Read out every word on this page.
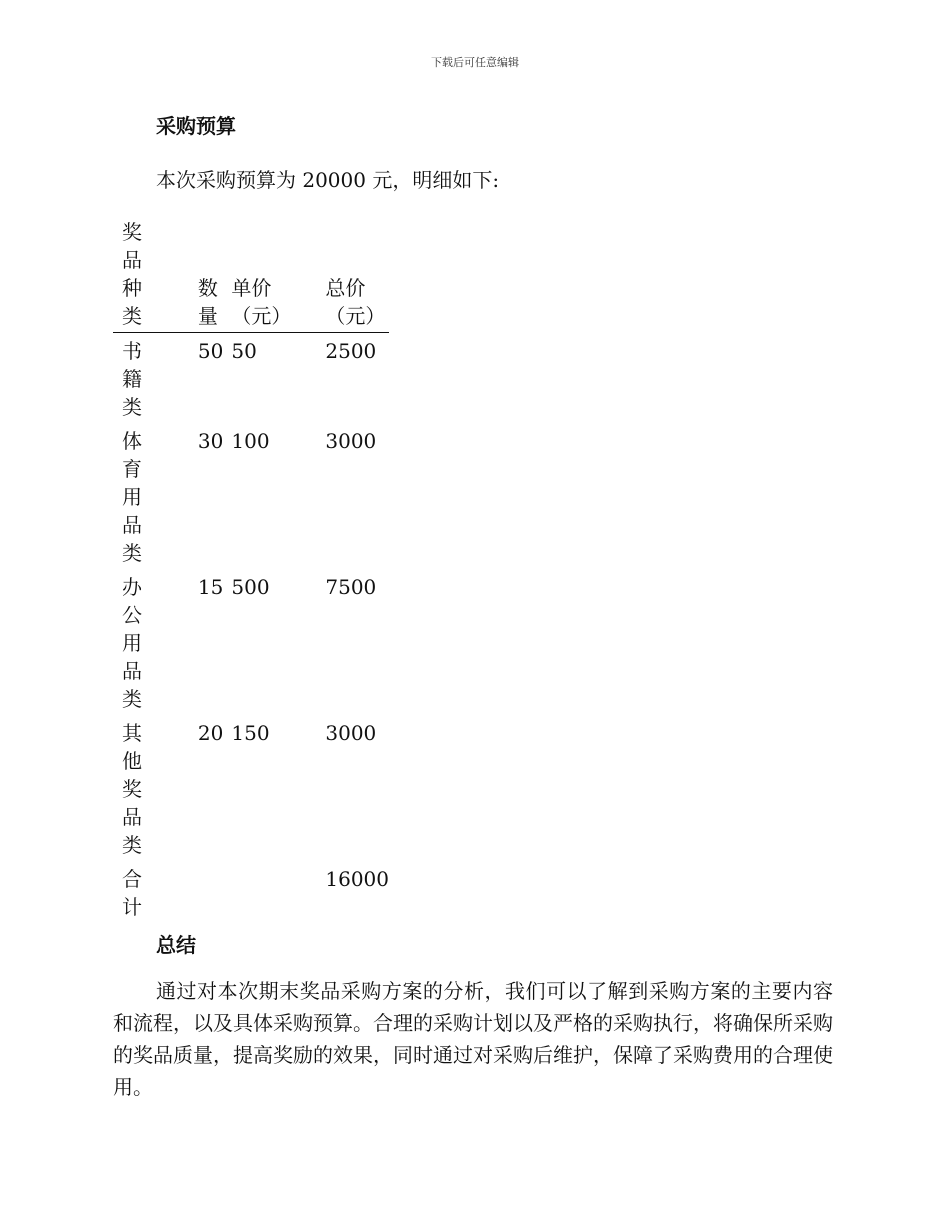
下载后可任意编辑
采购预算

本次采购预算为 20000 元，明细如下:

奖品种类	数量	单价（元）	总价（元）
书籍类	50	50	2500
体育用品类	30	100	3000
办公用品类	15	500	7500
其他奖品类	20	150	3000
合计			16000
总结

通过对本次期末奖品采购方案的分析，我们可以了解到采购方案的主要内容和流程，以及具体采购预算。合理的采购计划以及严格的采购执行，将确保所采购的奖品质量，提高奖励的效果，同时通过对采购后维护，保障了采购费用的合理使用。
